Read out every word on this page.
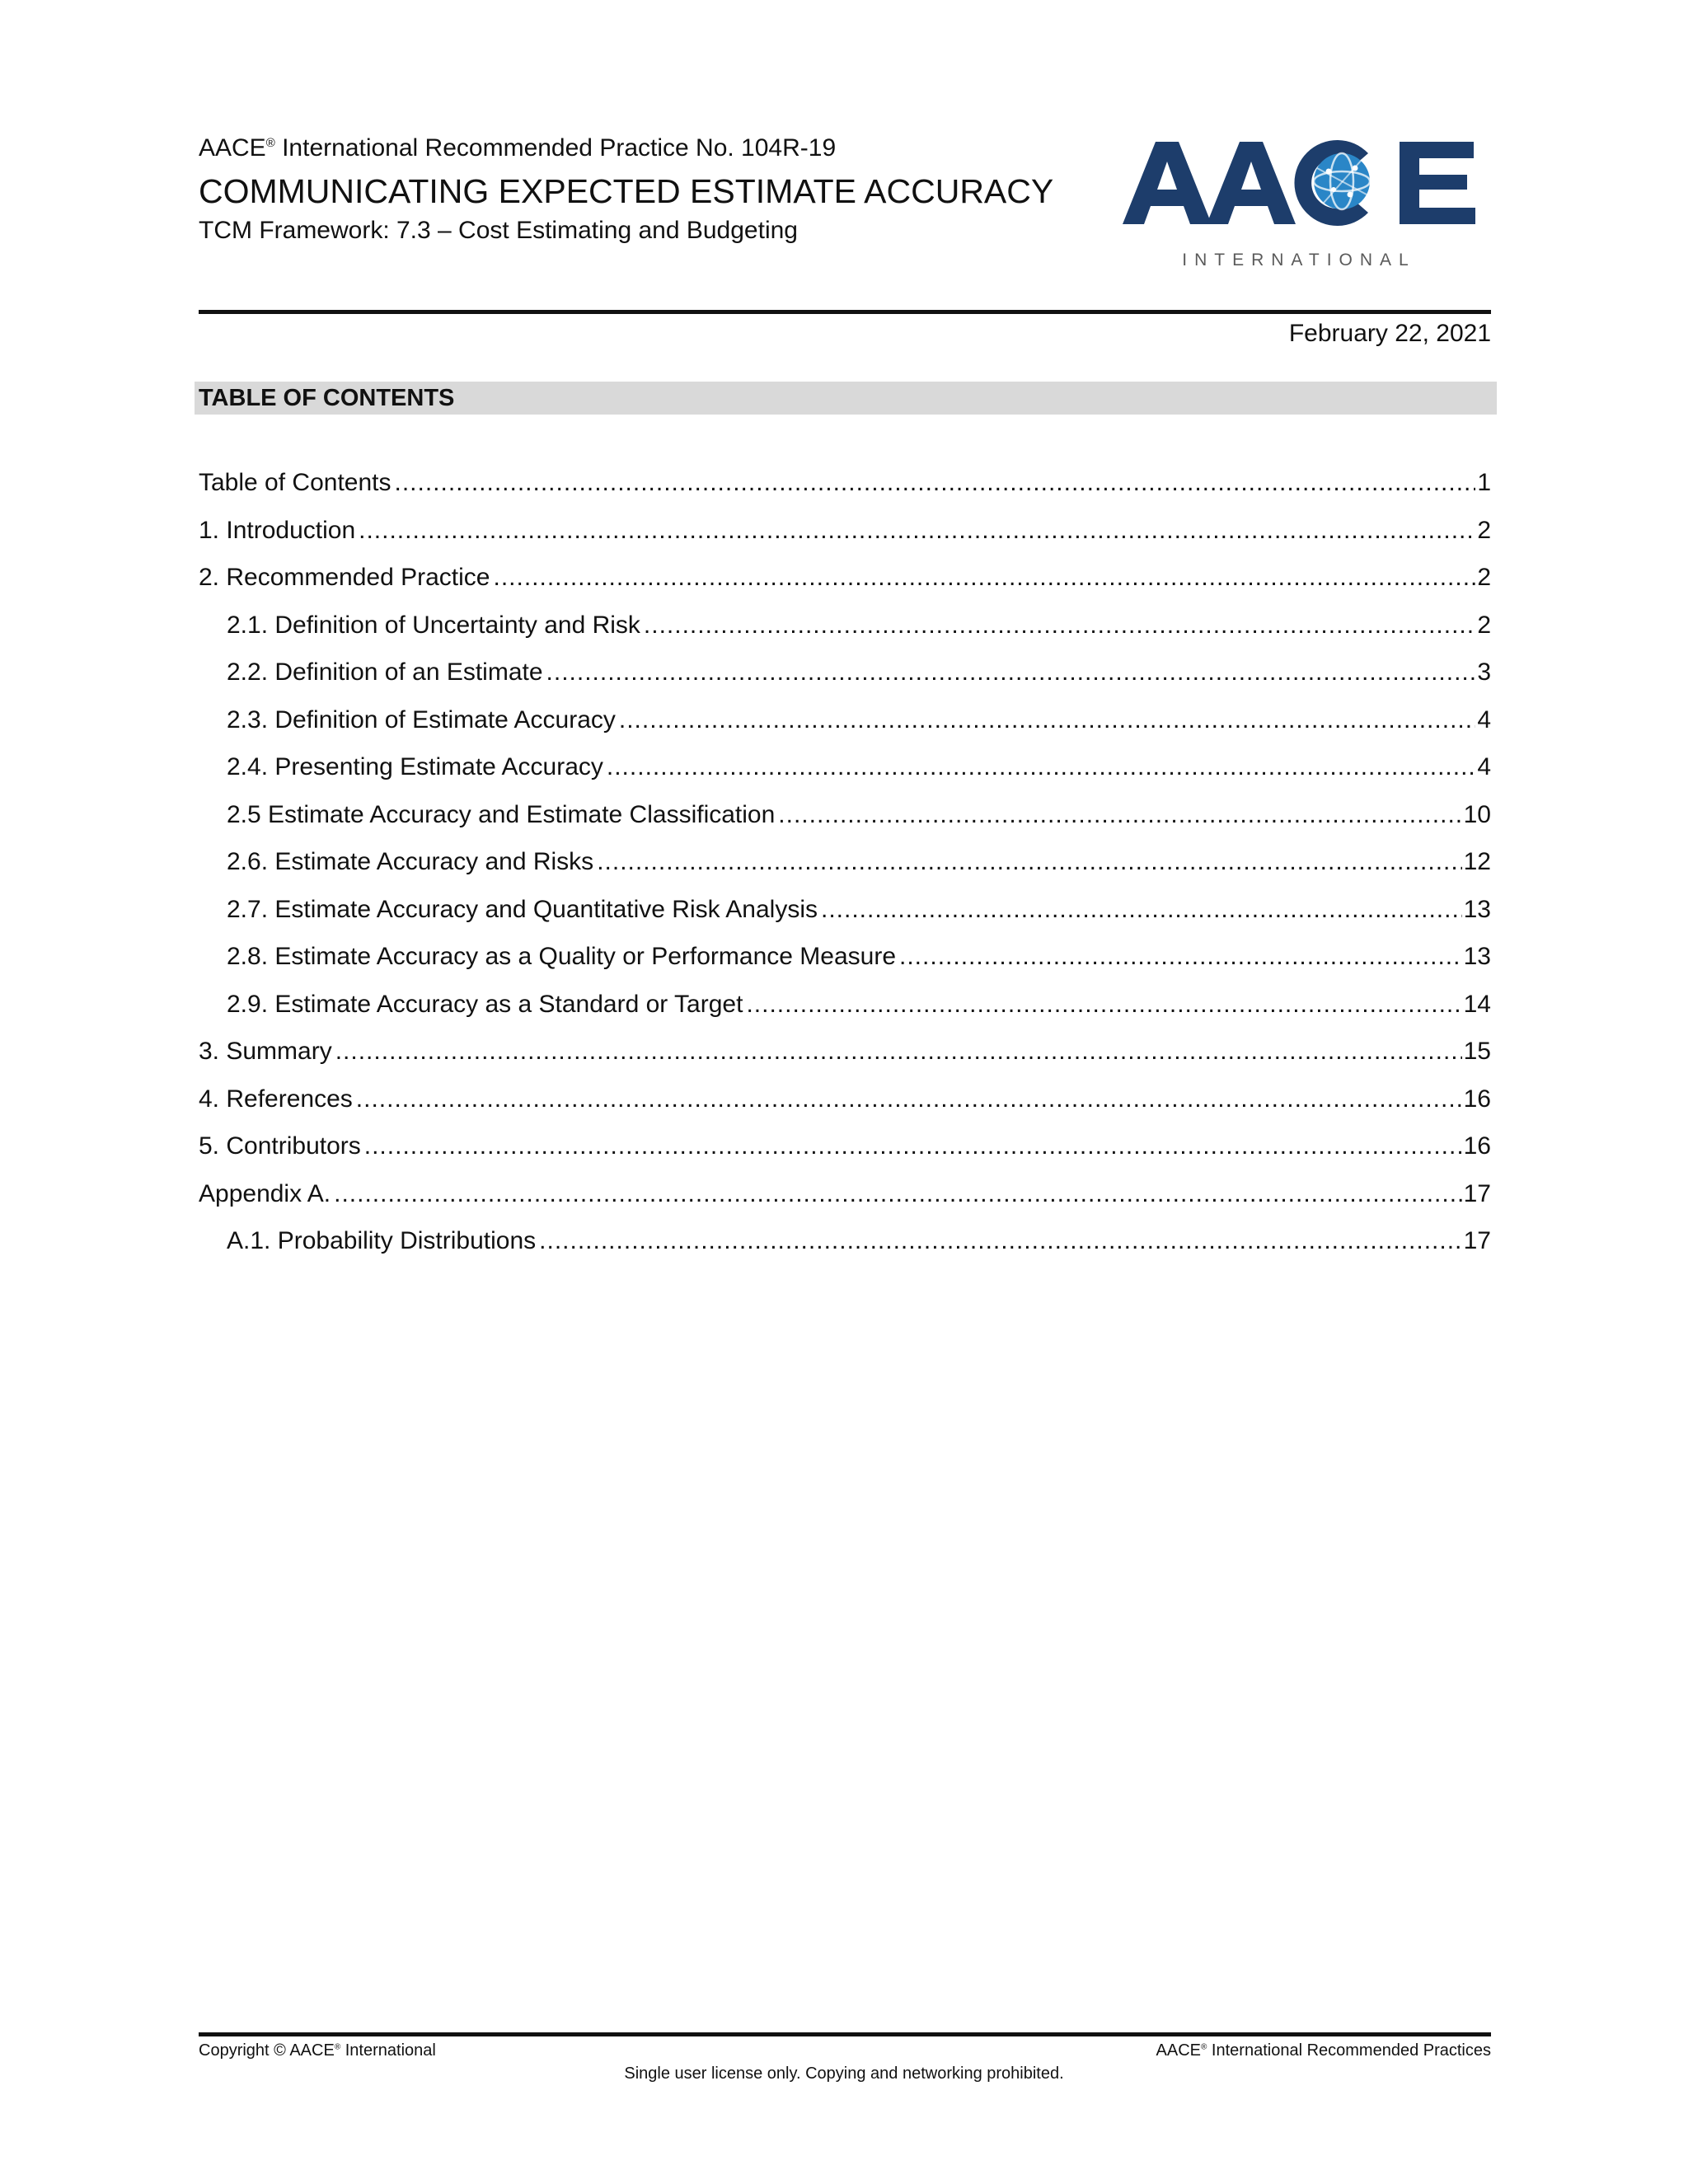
AACE® International Recommended Practice No. 104R-19
COMMUNICATING EXPECTED ESTIMATE ACCURACY
TCM Framework: 7.3 – Cost Estimating and Budgeting
INTERNATIONAL
February 22, 2021
TABLE OF CONTENTS
Table of Contents .....	1
1. Introduction .....	2
2. Recommended Practice .....	2
2.1. Definition of Uncertainty and Risk .....	2
2.2. Definition of an Estimate .....	3
2.3. Definition of Estimate Accuracy .....	4
2.4. Presenting Estimate Accuracy .....	4
2.5 Estimate Accuracy and Estimate Classification .....	10
2.6. Estimate Accuracy and Risks .....	12
2.7. Estimate Accuracy and Quantitative Risk Analysis .....	13
2.8. Estimate Accuracy as a Quality or Performance Measure .....	13
2.9. Estimate Accuracy as a Standard or Target .....	14
3. Summary .....	15
4. References .....	16
5. Contributors .....	16
Appendix A. .....	17
A.1. Probability Distributions .....	17
Copyright © AACE® International	AACE® International Recommended Practices
Single user license only. Copying and networking prohibited.
